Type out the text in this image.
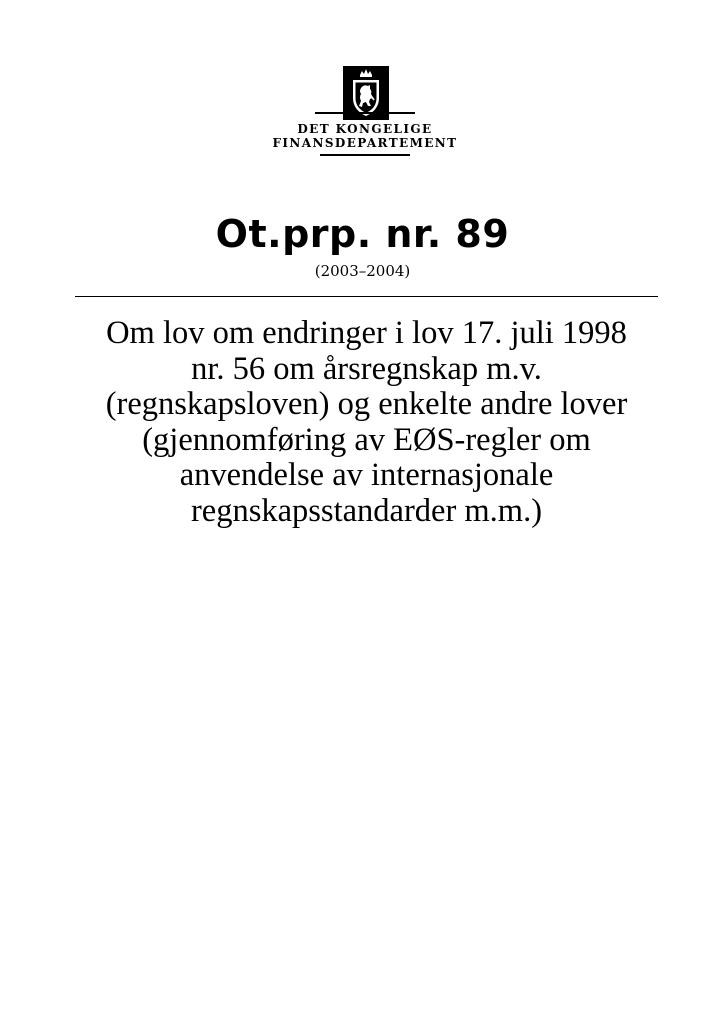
DET KONGELIGE
FINANSDEPARTEMENT
Ot.prp. nr. 89
(2003–2004)
Om lov om endringer i lov 17. juli 1998
nr. 56 om årsregnskap m.v.
(regnskapsloven) og enkelte andre lover
(gjennomføring av EØS-regler om
anvendelse av internasjonale
regnskapsstandarder m.m.)
